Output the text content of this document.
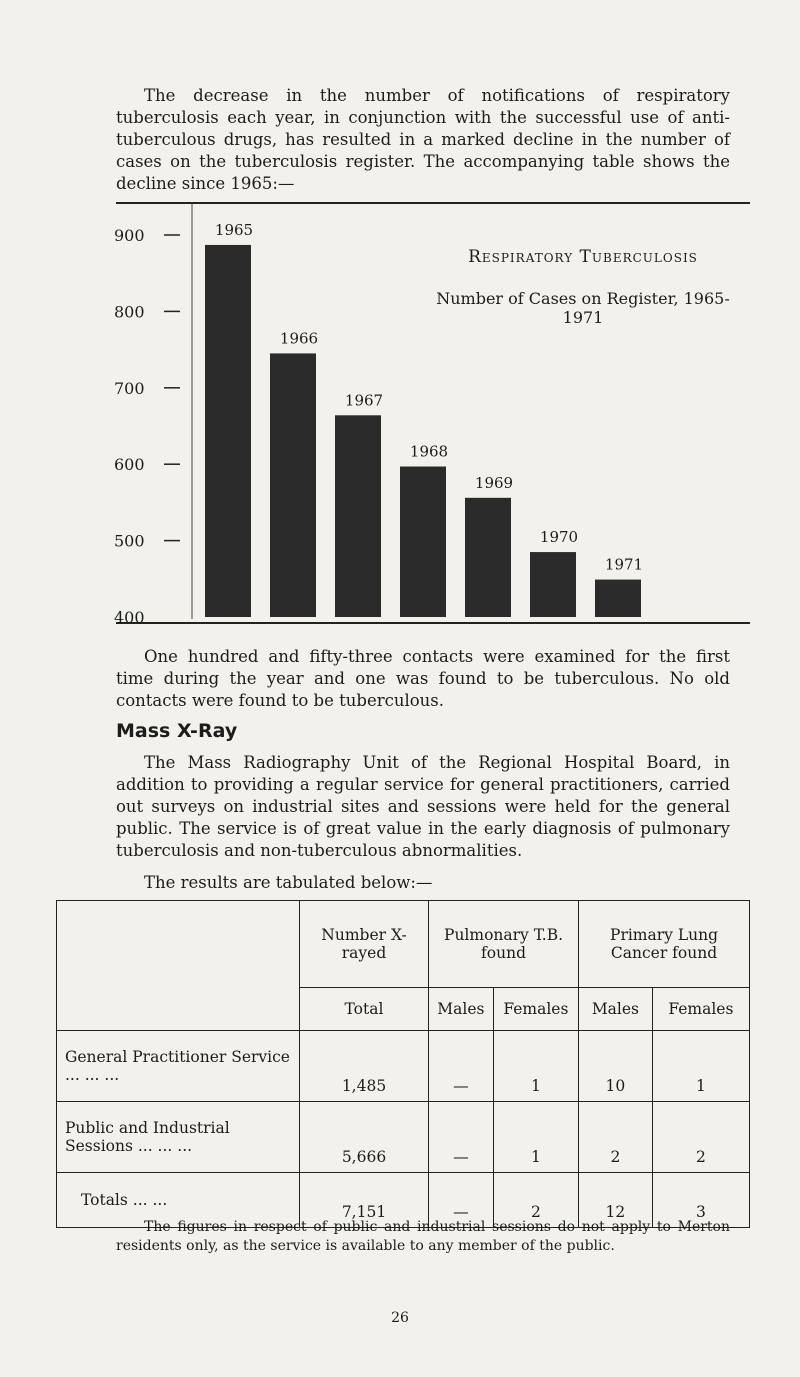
The decrease in the number of notifications of respiratory tuberculosis each year, in conjunction with the successful use of anti-tuberculous drugs, has resulted in a marked decline in the number of cases on the tuberculosis register. The accompanying table shows the decline since 1965:—

900
800
700
600
500
400
1965
1966
1967
1968
1969
1970
1971

Respiratory Tuberculosis

Number of Cases on Register, 1965-1971

One hundred and fifty-three contacts were examined for the first time during the year and one was found to be tuberculous. No old contacts were found to be tuberculous.

Mass X-Ray

The Mass Radiography Unit of the Regional Hospital Board, in addition to providing a regular service for general practitioners, carried out surveys on industrial sites and sessions were held for the general public. The service is of great value in the early diagnosis of pulmonary tuberculosis and non-tuberculous abnormalities.

The results are tabulated below:—

	Number X-rayed	Pulmonary T.B. found		Primary Lung Cancer found	
	Total	Males	Females	Males	Females
General Practitioner Service ... ... ...	1,485	—	1	10	1
Public and Industrial Sessions ... ... ...	5,666	—	1	2	2
Totals ... ...	7,151	—	2	12	3

The figures in respect of public and industrial sessions do not apply to Merton residents only, as the service is available to any member of the public.

26
